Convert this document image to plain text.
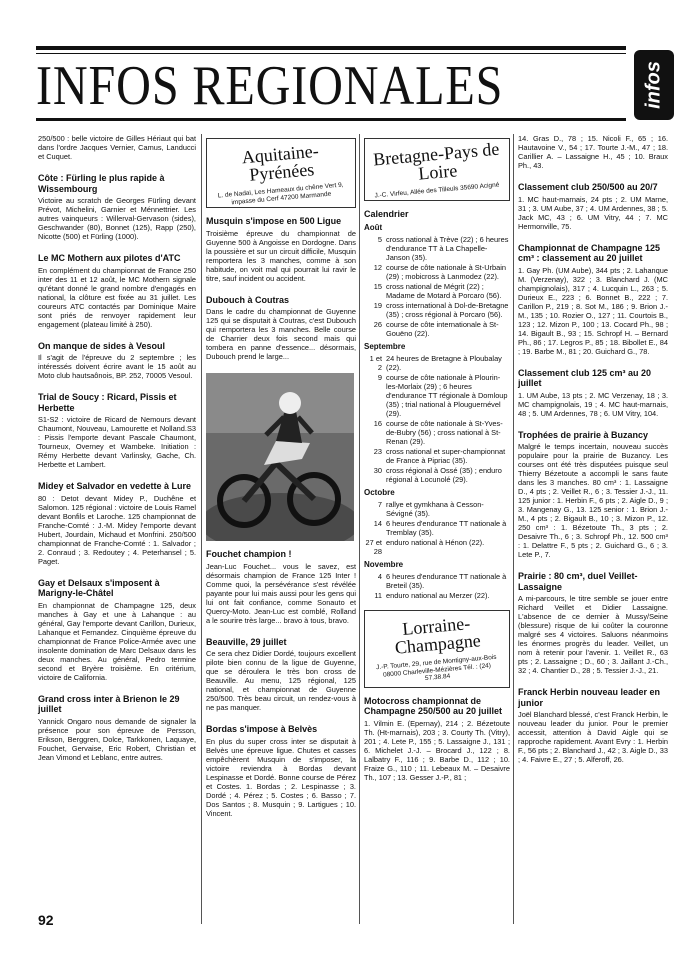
INFOS REGIONALES	infos
250/500 : belle victoire de Gilles Hériaut qui bat dans l'ordre Jacques Vernier, Camus, Landucci et Cuquet.
Côte : Fürling le plus rapide à Wissembourg
Victoire au scratch de Georges Fürling devant Prévot, Michelini, Garnier et Ménnettrier. Les autres vainqueurs : Willerval-Gervason (sides), Geschwander (80), Bonnet (125), Rapp (250), Nicotte (500) et Fürling (1000).
Le MC Mothern aux pilotes d'ATC
En complément du championnat de France 250 inter des 11 et 12 août, le MC Mothern signale qu'étant donné le grand nombre d'engagés en national, la clôture est fixée au 31 juillet. Les coureurs ATC contactés par Dominique Maire sont priés de renvoyer rapidement leur engagement (plateau limité à 250).
On manque de sides à Vesoul
Il s'agit de l'épreuve du 2 septembre ; les intéressés doivent écrire avant le 15 août au Moto club hautsaônois, BP. 252, 70005 Vesoul.
Trial de Soucy : Ricard, Pissis et Herbette
S1-S2 : victoire de Ricard de Nemours devant Chaumont, Nouveau, Lamourette et Nolland.S3 : Pissis l'emporte devant Pascale Chaumont, Tourneux, Overney et Wambeke. Initiation : Rémy Herbette devant Varlinsky, Gache, Ch. Herbette et Lambert.
Midey et Salvador en vedette à Lure
80 : Detot devant Midey P., Duchêne et Salomon. 125 régional : victoire de Louis Ramel devant Bonfils et Laroche. 125 championnat de Franche-Comté : J.-M. Midey l'emporte devant Hubert, Jourdain, Michaud et Monfrini. 250/500 championnat de Franche-Comté : 1. Salvador ; 2. Conraud ; 3. Redoutey ; 4. Peterhansel ; 5. Paget.
Gay et Delsaux s'imposent à Marigny-le-Châtel
En championnat de Champagne 125, deux manches à Gay et une à Lahanque : au général, Gay l'emporte devant Carillon, Durieux, Lahanque et Fernandez. Cinquième épreuve du championnat de France Police-Armée avec une insolente domination de Marc Delsaux dans les deux manches. Au général, Pedro termine second et Bryère troisième. En critérium, victoire de California.
Grand cross inter à Brienon le 29 juillet
Yannick Ongaro nous demande de signaler la présence pour son épreuve de Persson, Erikson, Berggren, Dolce, Tarkkonen, Laquaye, Fouchet, Gervaise, Eric Robert, Christian et Jean Vimond et Leblanc, entre autres.
Aquitaine-Pyrénées
L. de Nadai, Les Hameaux du chêne Vert 9, impasse du Cerf 47200 Marmande
Musquin s'impose en 500 Ligue
Troisième épreuve du championnat de Guyenne 500 à Angoisse en Dordogne. Dans la poussière et sur un circuit difficile, Musquin remportera les 3 manches, comme à son habitude, on voit mal qui pourrait lui ravir le titre, sauf incident ou accident.
Dubouch à Coutras
Dans le cadre du championnat de Guyenne 125 qui se disputait à Coutras, c'est Dubouch qui remportera les 3 manches. Belle course de Charrier deux fois second mais qui tombera en panne d'essence... désormais, Dubouch prend le large...
Fouchet champion !
Jean-Luc Fouchet... vous le savez, est désormais champion de France 125 Inter ! Comme quoi, la persévérance s'est révélée payante pour lui mais aussi pour les gens qui lui ont fait confiance, comme Sonauto et Quercy-Moto. Jean-Luc est comblé, Rolland a le sourire très large... bravo à tous, bravo.
Beauville, 29 juillet
Ce sera chez Didier Dordé, toujours excellent pilote bien connu de la ligue de Guyenne, que se déroulera le très bon cross de Beauville. Au menu, 125 régional, 125 national, et championnat de Guyenne 250/500. Très beau circuit, un rendez-vous à ne pas manquer.
Bordas s'impose à Belvès
En plus du super cross inter se disputait à Belvès une épreuve ligue. Chutes et casses empêchèrent Musquin de s'imposer, la victoire reviendra à Bordas devant Lespinasse et Dordé. Bonne course de Pérez et Costes. 1. Bordas ; 2. Lespinasse ; 3. Dordé ; 4. Pérez ; 5. Costes ; 6. Basso ; 7. Dos Santos ; 8. Musquin ; 9. Lartigues ; 10. Vincent.
Bretagne-Pays de Loire
J.-C. Virfeu, Allée des Tilleuls 35690 Acigné
Calendrier
Août
5 cross national à Trève (22) ; 6 heures d'endurance TT à La Chapelle-Janson (35).
12 course de côte nationale à St-Urbain (29) ; mobicross à Lanmodez (22).
15 cross national de Mégrit (22) ; Madame de Motard à Porcaro (56).
19 cross international à Dol-de-Bretagne (35) ; cross régional à Porcaro (56).
26 course de côte internationale à St-Gouëno (22).
Septembre
1 et 2
24 heures de Bretagne à Ploubalay (22).
9 course de côte nationale à Plourin-les-Morlaix (29) ; 6 heures d'endurance TT régionale à Domloup (35) ; trial national à Plouguernével (29).
16 course de côte nationale à St-Yves-de-Bubry (56) ; cross national à St-Renan (29).
23 cross national et super-championnat de France à Pipriac (35).
30 cross régional à Ossé (35) ; enduro régional à Locunolé (29).
Octobre
7 rallye et gymkhana à Cesson-Sévigné (35).
14 6 heures d'endurance TT nationale à Tremblay (35).
27 et 28
enduro national à Hénon (22).
Novembre
4 6 heures d'endurance TT nationale à Breteil (35).
11 enduro national au Merzer (22).
Lorraine-Champagne
J.-P. Tourte, 29, rue de Montigny-aux-Bois 08000 Charleville-Mézières Tél. : (24) 57.38.84
Motocross championnat de Champagne 250/500 au 20 juillet
1. Vilmin E. (Epernay), 214 ; 2. Bézetoute Th. (Ht-marnais), 203 ; 3. Courty Th. (Vitry), 201 ; 4. Lete P., 155 ; 5. Lassaigne J., 131 ; 6. Michelet J.-J. – Brocard J., 122 ; 8. Lalbatry F., 116 ; 9. Barbe D., 112 ; 10. Fraize G., 110 ; 11. Lebeaux M. – Desaivre Th., 107 ; 13. Gesser J.-P., 81 ;
14. Gras D., 78 ; 15. Nicoli F., 65 ; 16. Hautavoine V., 54 ; 17. Tourte J.-M., 47 ; 18. Carillier A. – Lassaigne H., 45 ; 10. Braux Ph., 43.
Classement club 250/500 au 20/7
1. MC haut-marnais, 24 pts ; 2. UM Marne, 31 ; 3. UM Aube, 37 ; 4. UM Ardennes, 38 ; 5. Jack MC, 43 ; 6. UM Vitry, 44 ; 7. MC Hermonville, 75.
Championnat de Champagne 125 cm³ : classement au 20 juillet
1. Gay Ph. (UM Aube), 344 pts ; 2. Lahanque M. (Verzenay), 322 ; 3. Blanchard J. (MC champignolais), 317 ; 4. Lucquin L., 263 ; 5. Durieux E., 223 ; 6. Bonnet B., 222 ; 7. Carillon P., 219 ; 8. Sot M., 186 ; 9. Brion J.-M., 135 ; 10. Rozier O., 127 ; 11. Courtois B., 123 ; 12. Mizon P., 100 ; 13. Cocard Ph., 98 ; 14. Bigault B., 93 ; 15. Schropf H. – Bernard Ph., 86 ; 17. Legros P., 85 ; 18. Bibollet E., 84 ; 19. Barbe M., 81 ; 20. Guichard G., 78.
Classement club 125 cm³ au 20 juillet
1. UM Aube, 13 pts ; 2. MC Verzenay, 18 ; 3. MC champignolais, 19 ; 4. MC haut-marnais, 48 ; 5. UM Ardennes, 78 ; 6. UM Vitry, 104.
Trophées de prairie à Buzancy
Malgré le temps incertain, nouveau succès populaire pour la prairie de Buzancy. Les courses ont été très disputées puisque seul Thierry Bézetoute a accompli le sans faute dans les 3 manches. 80 cm³ : 1. Lassaigne D., 4 pts ; 2. Veillet R., 6 ; 3. Tessier J.-J., 11. 125 junior : 1. Herbin F., 6 pts ; 2. Aigle D., 9 ; 3. Mangenay G., 13. 125 senior : 1. Brion J.-M., 4 pts ; 2. Bigault B., 10 ; 3. Mizon P., 12. 250 cm³ : 1. Bézetoute Th., 3 pts ; 2. Desaivre Th., 6 ; 3. Schropf Ph., 12. 500 cm³ : 1. Delattre F., 5 pts ; 2. Guichard G., 6 ; 3. Lete P., 7.
Prairie : 80 cm³, duel Veillet-Lassaigne
A mi-parcours, le titre semble se jouer entre Richard Veillet et Didier Lassaigne. L'absence de ce dernier à Mussy/Seine (blessure) risque de lui coûter la couronne malgré ses 4 victoires. Saluons néanmoins les énormes progrès du leader. Veillet, un nom à retenir pour l'avenir. 1. Veillet R., 63 pts ; 2. Lassaigne ; D., 60 ; 3. Jaillant J.-Ch., 32 ; 4. Chantier D., 28 ; 5. Tessier J.-J., 21.
Franck Herbin nouveau leader en junior
Joël Blanchard blessé, c'est Franck Herbin, le nouveau leader du junior. Pour le premier accessit, attention à David Aigle qui se rapproche rapidement. Avant Evry : 1. Herbin F., 56 pts ; 2. Blanchard J., 42 ; 3. Aigle D., 33 ; 4. Faivre E., 27 ; 5. Alferoff, 26.
92
